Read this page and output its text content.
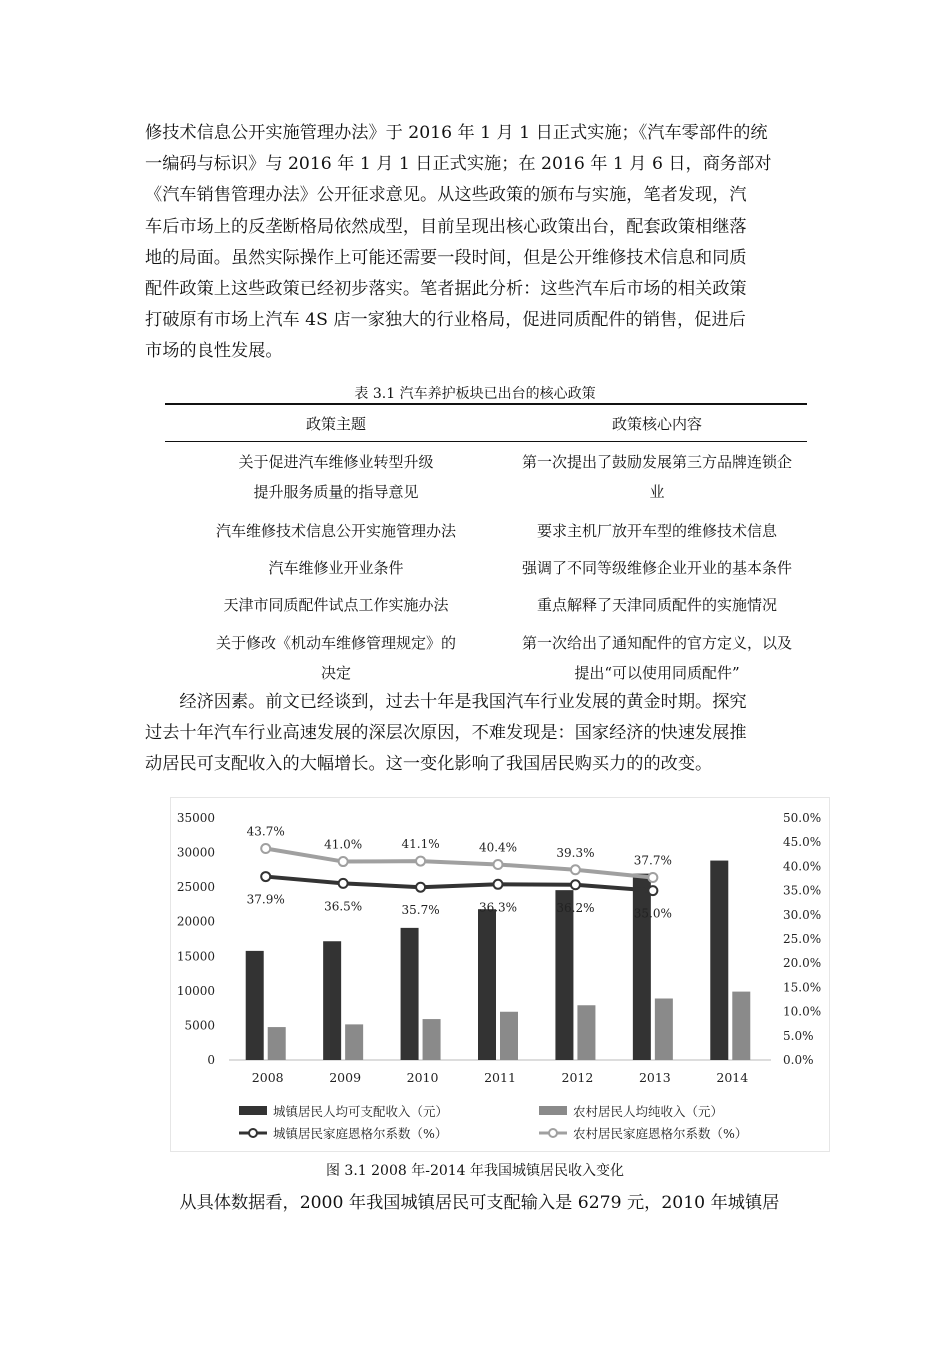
修技术信息公开实施管理办法》于 2016 年 1 月 1 日正式实施；《汽车零部件的统
一编码与标识》与 2016 年 1 月 1 日正式实施；在 2016 年 1 月 6 日，商务部对
《汽车销售管理办法》公开征求意见。从这些政策的颁布与实施，笔者发现，汽
车后市场上的反垄断格局依然成型，目前呈现出核心政策出台，配套政策相继落
地的局面。虽然实际操作上可能还需要一段时间，但是公开维修技术信息和同质
配件政策上这些政策已经初步落实。笔者据此分析：这些汽车后市场的相关政策
打破原有市场上汽车 4S 店一家独大的行业格局，促进同质配件的销售，促进后
市场的良性发展。

表 3.1 汽车养护板块已出台的核心政策

政策主题	政策核心内容

关于促进汽车维修业转型升级
提升服务质量的指导意见	第一次提出了鼓励发展第三方品牌连锁企
业

汽车维修技术信息公开实施管理办法	要求主机厂放开车型的维修技术信息

汽车维修业开业条件	强调了不同等级维修企业开业的基本条件

天津市同质配件试点工作实施办法	重点解释了天津同质配件的实施情况

关于修改《机动车维修管理规定》的
决定	第一次给出了通知配件的官方定义，以及
提出“可以使用同质配件”
　　经济因素。前文已经谈到，过去十年是我国汽车行业发展的黄金时期。探究
过去十年汽车行业高速发展的深层次原因，不难发现是：国家经济的快速发展推
动居民可支配收入的大幅增长。这一变化影响了我国居民购买力的的改变。
0
5000
10000
15000
20000
25000
30000
35000
0.0%
5.0%
10.0%
15.0%
20.0%
25.0%
30.0%
35.0%
40.0%
45.0%
50.0%
2008	2009	2010	2011	2012	2013	2014
37.9%	36.5%	35.7%	36.3%	36.2%	35.0%
43.7%
41.0%	41.1%	40.4%	39.3%
37.7%
城镇居民人均可支配收入（元）	农村居民人均纯收入（元）
城镇居民家庭恩格尔系数（%）	农村居民家庭恩格尔系数（%）

图 3.1 2008 年-2014 年我国城镇居民收入变化

　　从具体数据看，2000 年我国城镇居民可支配输入是 6279 元，2010 年城镇居
